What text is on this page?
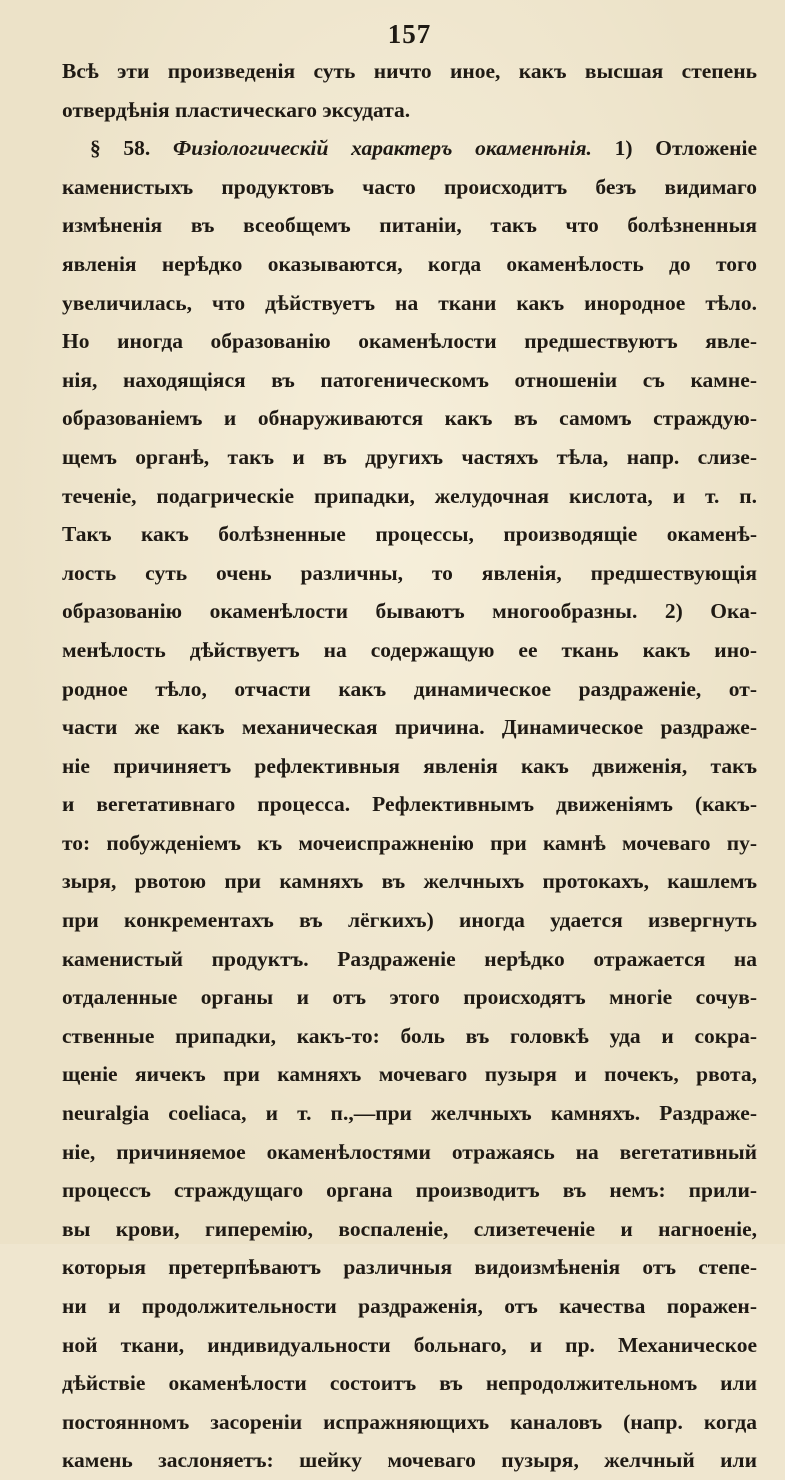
157
Всѣ эти произведенія суть ничто иное, какъ высшая степень
отвердѣнія пластическаго эксудата.
§ 58. Физіологическій характеръ окаменѣнія. 1) Отложеніе
каменистыхъ продуктовъ часто происходитъ безъ видимаго
измѣненія въ всеобщемъ питаніи, такъ что болѣзненныя
явленія нерѣдко оказываются, когда окаменѣлость до того
увеличилась, что дѣйствуетъ на ткани какъ инородное тѣло.
Но иногда образованію окаменѣлости предшествуютъ явле-
нія, находящіяся въ патогеническомъ отношеніи съ камне-
образованіемъ и обнаруживаются какъ въ самомъ страждую-
щемъ органѣ, такъ и въ другихъ частяхъ тѣла, напр. слизе-
теченіе, подагрическіе припадки, желудочная кислота, и т. п.
Такъ какъ болѣзненные процессы, производящіе окаменѣ-
лость суть очень различны, то явленія, предшествующія
образованію окаменѣлости бываютъ многообразны. 2) Ока-
менѣлость дѣйствуетъ на содержащую ее ткань какъ ино-
родное тѣло, отчасти какъ динамическое раздраженіе, от-
части же какъ механическая причина. Динамическое раздраже-
ніе причиняетъ рефлективныя явленія какъ движенія, такъ
и вегетативнаго процесса. Рефлективнымъ движеніямъ (какъ-
то: побужденіемъ къ мочеиспражненію при камнѣ мочеваго пу-
зыря, рвотою при камняхъ въ желчныхъ протокахъ, кашлемъ
при конкрементахъ въ лёгкихъ) иногда удается извергнуть
каменистый продуктъ. Раздраженіе нерѣдко отражается на
отдаленные органы и отъ этого происходятъ многіе сочув-
ственные припадки, какъ-то: боль въ головкѣ уда и сокра-
щеніе яичекъ при камняхъ мочеваго пузыря и почекъ, рвота,
neuralgia coeliaca, и т. п.,—при желчныхъ камняхъ. Раздраже-
ніе, причиняемое окаменѣлостями отражаясь на вегетативный
процессъ страждущаго органа производитъ въ немъ: прили-
вы крови, гиперемію, воспаленіе, слизетеченіе и нагноеніе,
которыя претерпѣваютъ различныя видоизмѣненія отъ степе-
ни и продолжительности раздраженія, отъ качества поражен-
ной ткани, индивидуальности больнаго, и пр. Механическое
дѣйствіе окаменѣлости состоитъ въ непродолжительномъ или
постоянномъ засореніи испражняющихъ каналовъ (напр. когда
камень заслоняетъ: шейку мочеваго пузыря, желчный или
